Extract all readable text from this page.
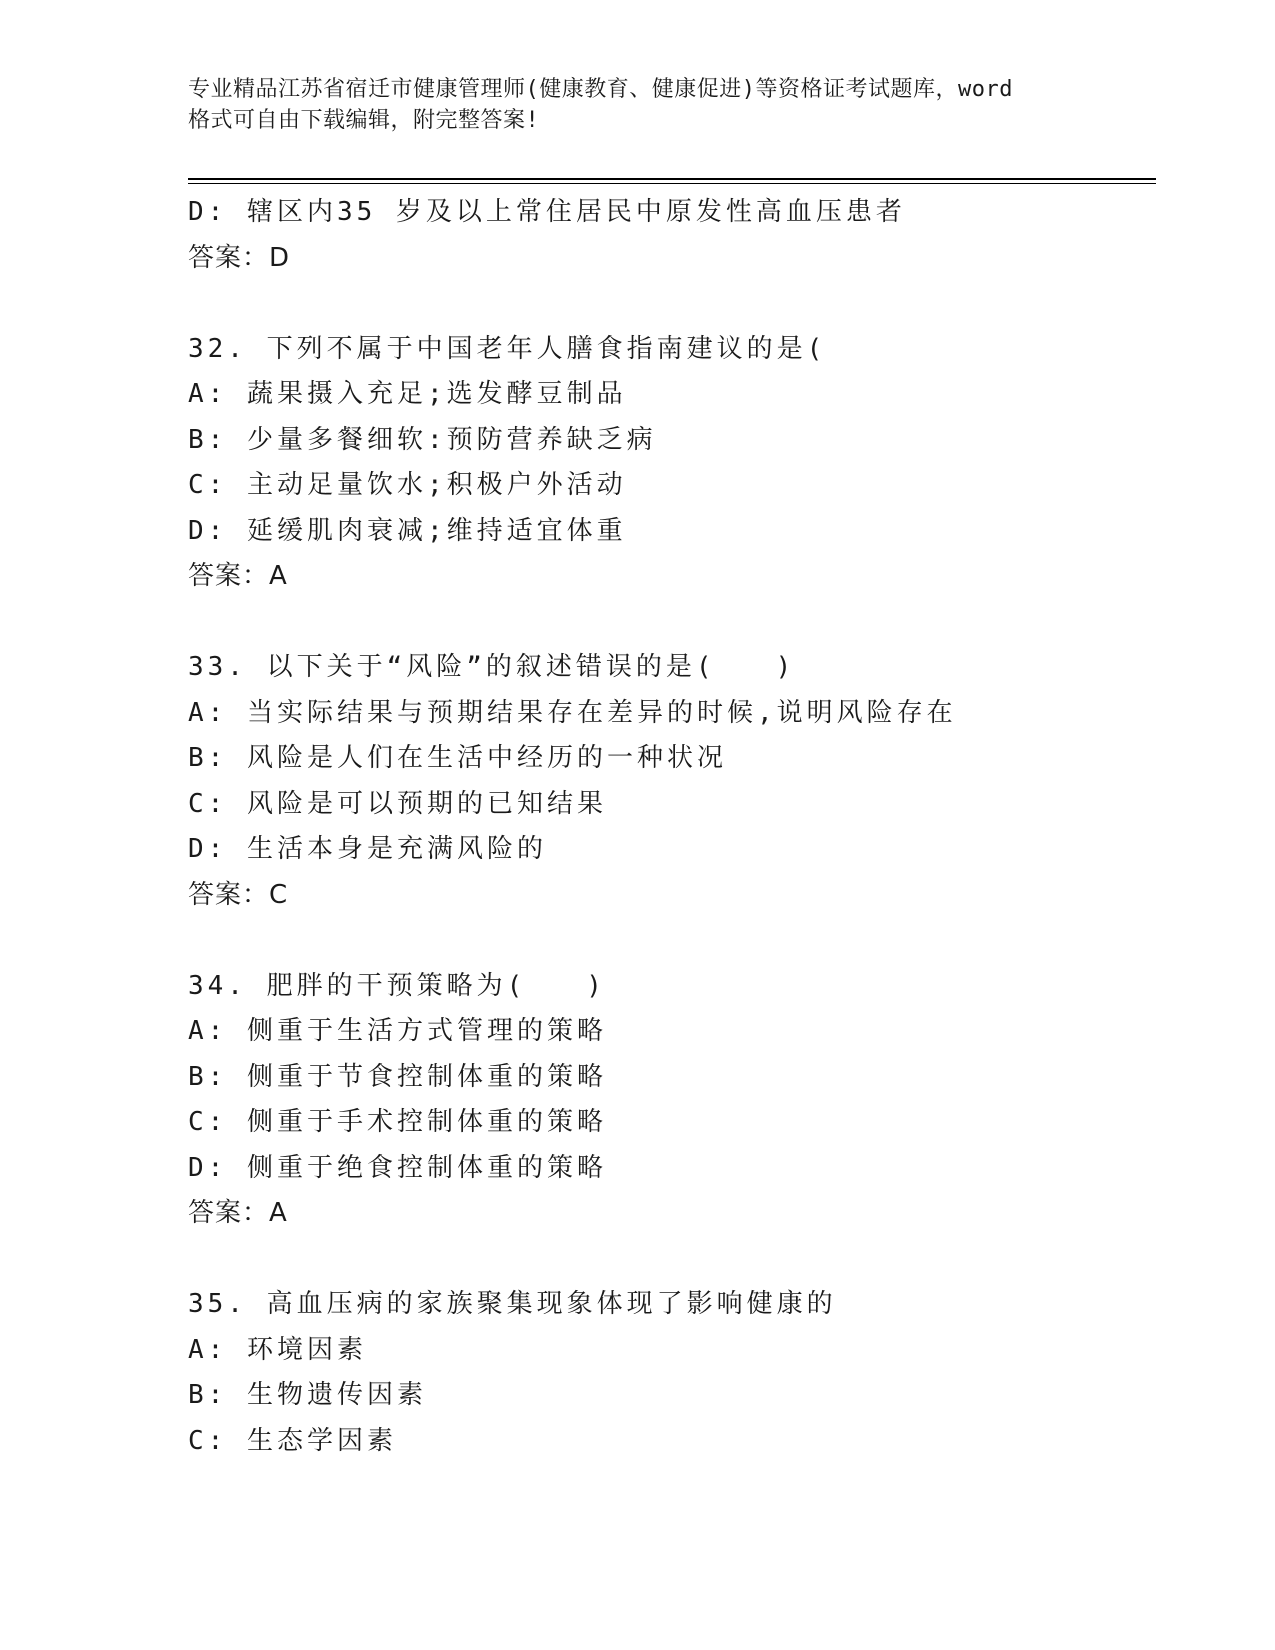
专业精品江苏省宿迁市健康管理师(健康教育、健康促进)等资格证考试题库，word
格式可自由下载编辑，附完整答案!
D: 辖区内35 岁及以上常住居民中原发性高血压患者
答案：D
32. 下列不属于中国老年人膳食指南建议的是(
A: 蔬果摄入充足;选发酵豆制品
B: 少量多餐细软:预防营养缺乏病
C: 主动足量饮水;积极户外活动
D: 延缓肌肉衰减;维持适宜体重
答案：A
33. 以下关于“风险”的叙述错误的是(　　)
A: 当实际结果与预期结果存在差异的时候,说明风险存在
B: 风险是人们在生活中经历的一种状况
C: 风险是可以预期的已知结果
D: 生活本身是充满风险的
答案：C
34. 肥胖的干预策略为(　　)
A: 侧重于生活方式管理的策略
B: 侧重于节食控制体重的策略
C: 侧重于手术控制体重的策略
D: 侧重于绝食控制体重的策略
答案：A
35. 高血压病的家族聚集现象体现了影响健康的
A: 环境因素
B: 生物遗传因素
C: 生态学因素
